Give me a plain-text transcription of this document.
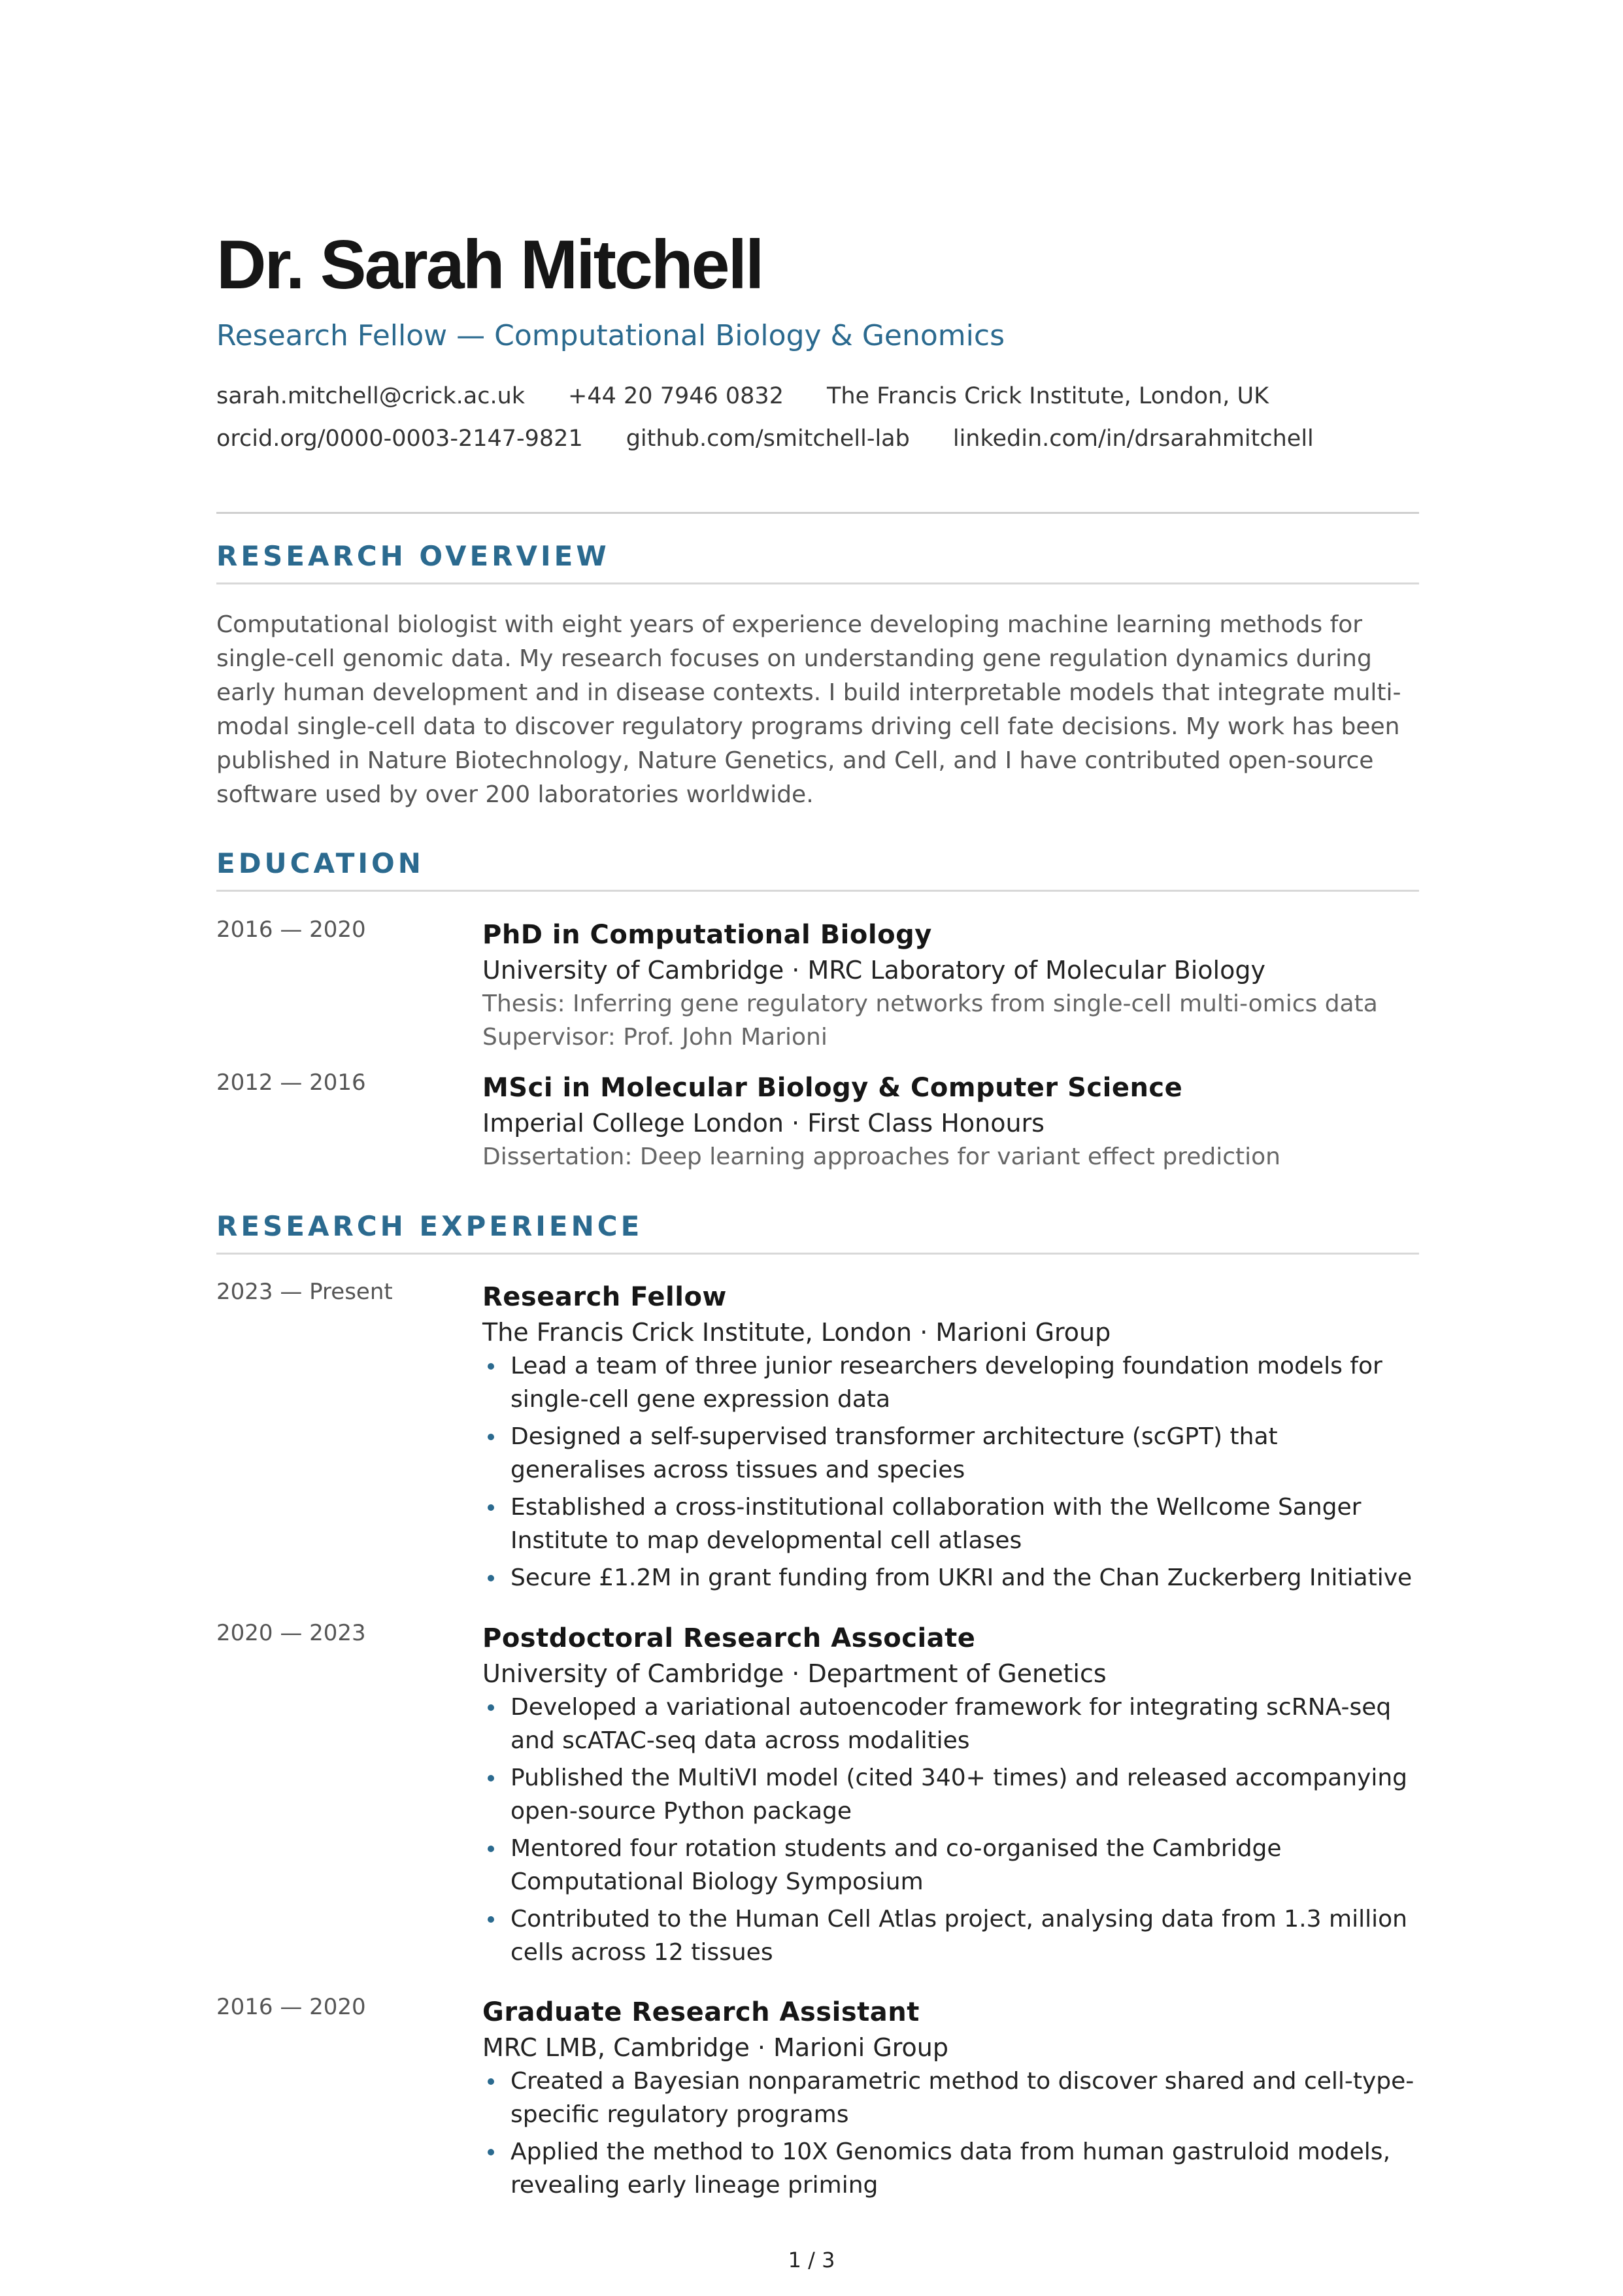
Dr. Sarah Mitchell
Research Fellow — Computational Biology & Genomics
sarah.mitchell@crick.ac.uk +44 20 7946 0832 The Francis Crick Institute, London, UK
orcid.org/0000-0003-2147-9821 github.com/smitchell-lab linkedin.com/in/drsarahmitchell
RESEARCH OVERVIEW
Computational biologist with eight years of experience developing machine learning methods for single-cell genomic data. My research focuses on understanding gene regulation dynamics during early human development and in disease contexts. I build interpretable models that integrate multi-modal single-cell data to discover regulatory programs driving cell fate decisions. My work has been published in Nature Biotechnology, Nature Genetics, and Cell, and I have contributed open-source software used by over 200 laboratories worldwide.
EDUCATION
2016 — 2020	PhD in Computational Biology
University of Cambridge · MRC Laboratory of Molecular Biology
Thesis: Inferring gene regulatory networks from single-cell multi-omics data
Supervisor: Prof. John Marioni
2012 — 2016	MSci in Molecular Biology & Computer Science
Imperial College London · First Class Honours
Dissertation: Deep learning approaches for variant effect prediction
RESEARCH EXPERIENCE
2023 — Present	Research Fellow
The Francis Crick Institute, London · Marioni Group
Lead a team of three junior researchers developing foundation models for single-cell gene expression data
Designed a self-supervised transformer architecture (scGPT) that generalises across tissues and species
Established a cross-institutional collaboration with the Wellcome Sanger Institute to map developmental cell atlases
Secure £1.2M in grant funding from UKRI and the Chan Zuckerberg Initiative
2020 — 2023	Postdoctoral Research Associate
University of Cambridge · Department of Genetics
Developed a variational autoencoder framework for integrating scRNA-seq and scATAC-seq data across modalities
Published the MultiVI model (cited 340+ times) and released accompanying open-source Python package
Mentored four rotation students and co-organised the Cambridge Computational Biology Symposium
Contributed to the Human Cell Atlas project, analysing data from 1.3 million cells across 12 tissues
2016 — 2020	Graduate Research Assistant
MRC LMB, Cambridge · Marioni Group
Created a Bayesian nonparametric method to discover shared and cell-type-specific regulatory programs
Applied the method to 10X Genomics data from human gastruloid models, revealing early lineage priming
1 / 3
